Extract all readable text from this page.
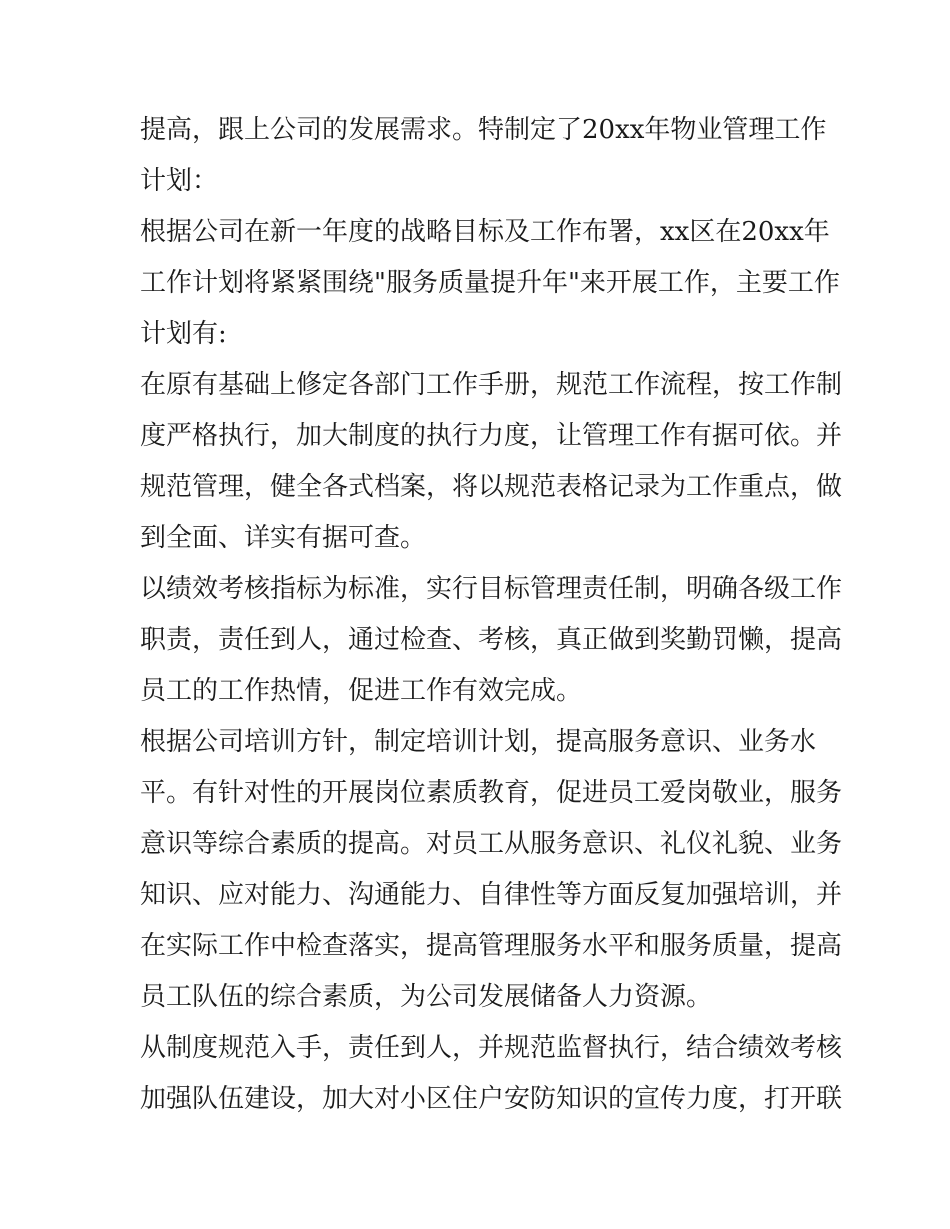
提高，跟上公司的发展需求。特制定了20xx年物业管理工作
计划：
根据公司在新一年度的战略目标及工作布署，xx区在20xx年
工作计划将紧紧围绕"服务质量提升年"来开展工作，主要工作
计划有:
在原有基础上修定各部门工作手册，规范工作流程，按工作制
度严格执行，加大制度的执行力度，让管理工作有据可依。并
规范管理，健全各式档案，将以规范表格记录为工作重点，做
到全面、详实有据可查。
以绩效考核指标为标准，实行目标管理责任制，明确各级工作
职责，责任到人，通过检查、考核，真正做到奖勤罚懒，提高
员工的工作热情，促进工作有效完成。
根据公司培训方针，制定培训计划，提高服务意识、业务水
平。有针对性的开展岗位素质教育，促进员工爱岗敬业，服务
意识等综合素质的提高。对员工从服务意识、礼仪礼貌、业务
知识、应对能力、沟通能力、自律性等方面反复加强培训，并
在实际工作中检查落实，提高管理服务水平和服务质量，提高
员工队伍的综合素质，为公司发展储备人力资源。
从制度规范入手，责任到人，并规范监督执行，结合绩效考核
加强队伍建设，加大对小区住户安防知识的宣传力度，打开联
